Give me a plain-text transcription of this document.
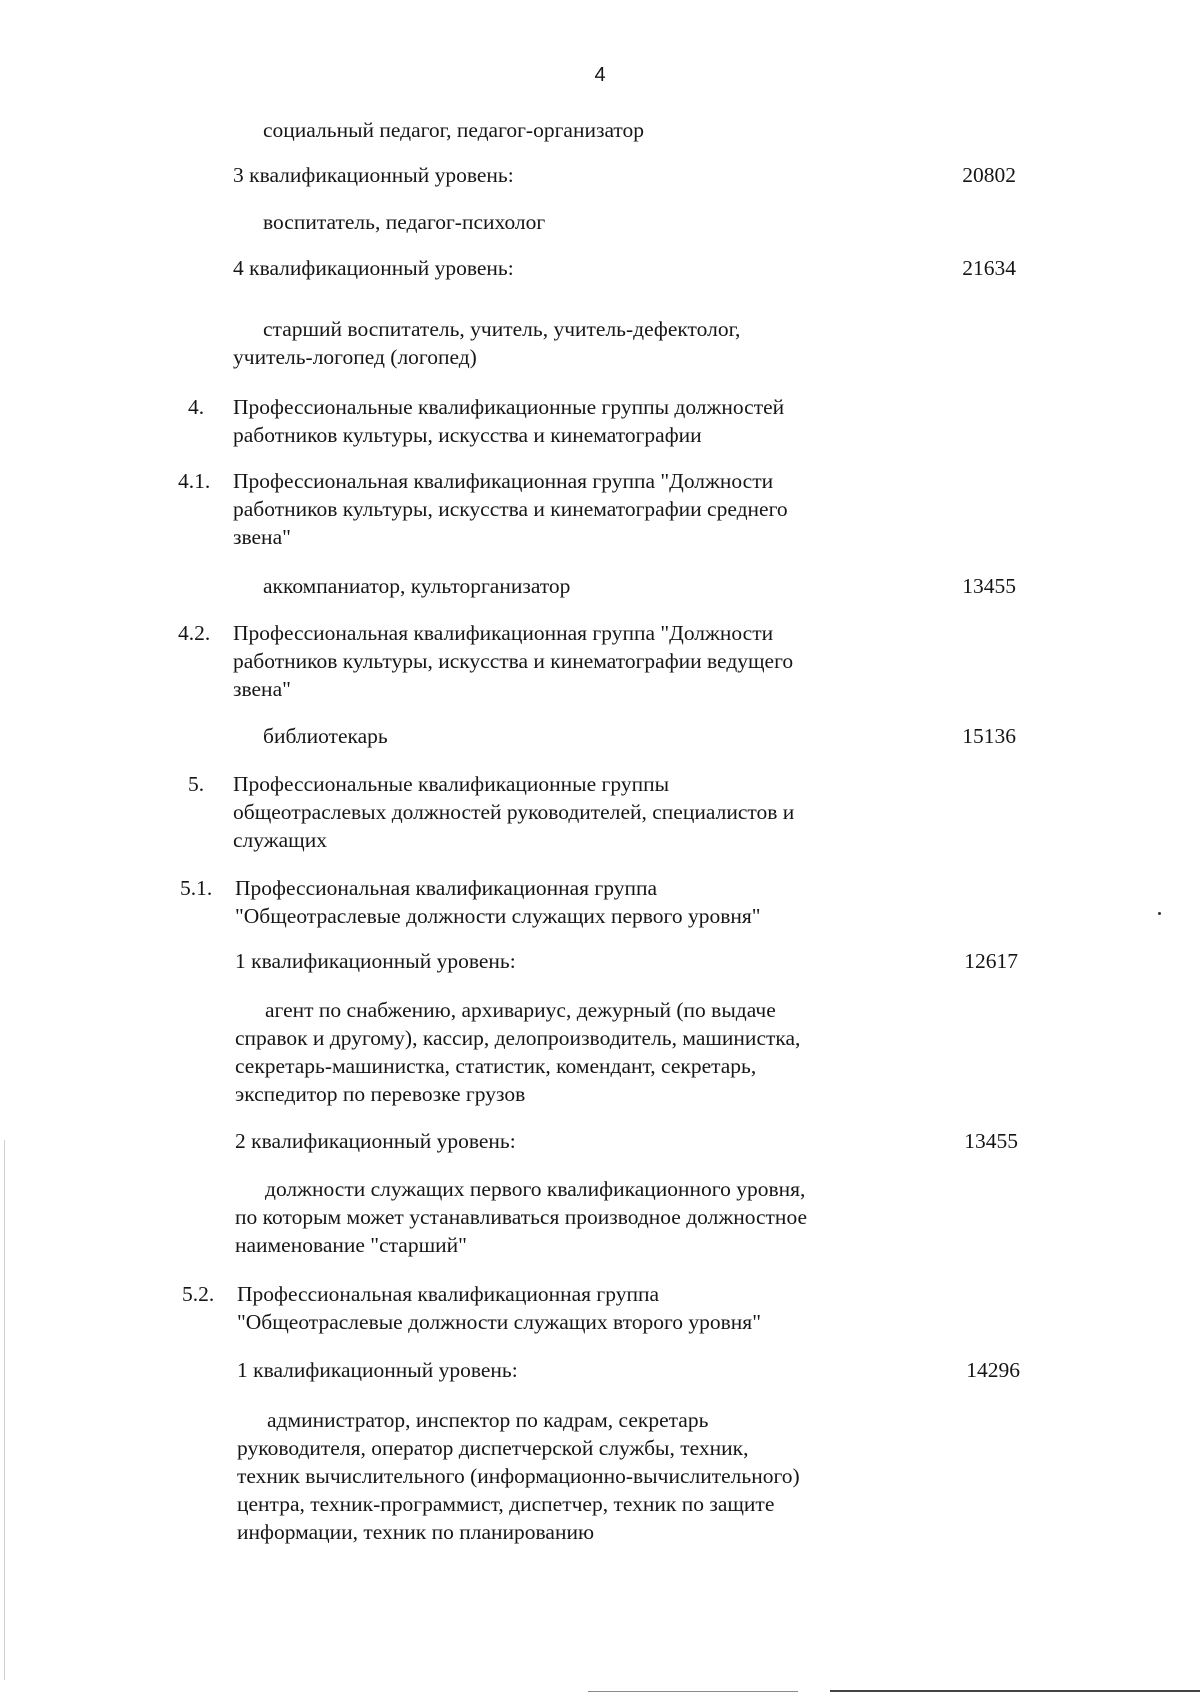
4
социальный педагог, педагог-организатор
3 квалификационный уровень:	20802
воспитатель, педагог-психолог
4 квалификационный уровень:	21634
старший воспитатель, учитель, учитель-дефектолог,
учитель-логопед (логопед)
4. Профессиональные квалификационные группы должностей
работников культуры, искусства и кинематографии
4.1. Профессиональная квалификационная группа "Должности
работников культуры, искусства и кинематографии среднего
звена"
аккомпаниатор, культорганизатор	13455
4.2. Профессиональная квалификационная группа "Должности
работников культуры, искусства и кинематографии ведущего
звена"
библиотекарь	15136
5. Профессиональные квалификационные группы
общеотраслевых должностей руководителей, специалистов и
служащих
5.1. Профессиональная квалификационная группа
"Общеотраслевые должности служащих первого уровня"
1 квалификационный уровень:	12617
агент по снабжению, архивариус, дежурный (по выдаче
справок и другому), кассир, делопроизводитель, машинистка,
секретарь-машинистка, статистик, комендант, секретарь,
экспедитор по перевозке грузов
2 квалификационный уровень:	13455
должности служащих первого квалификационного уровня,
по которым может устанавливаться производное должностное
наименование "старший"
5.2. Профессиональная квалификационная группа
"Общеотраслевые должности служащих второго уровня"
1 квалификационный уровень:	14296
администратор, инспектор по кадрам, секретарь
руководителя, оператор диспетчерской службы, техник,
техник вычислительного (информационно-вычислительного)
центра, техник-программист, диспетчер, техник по защите
информации, техник по планированию
